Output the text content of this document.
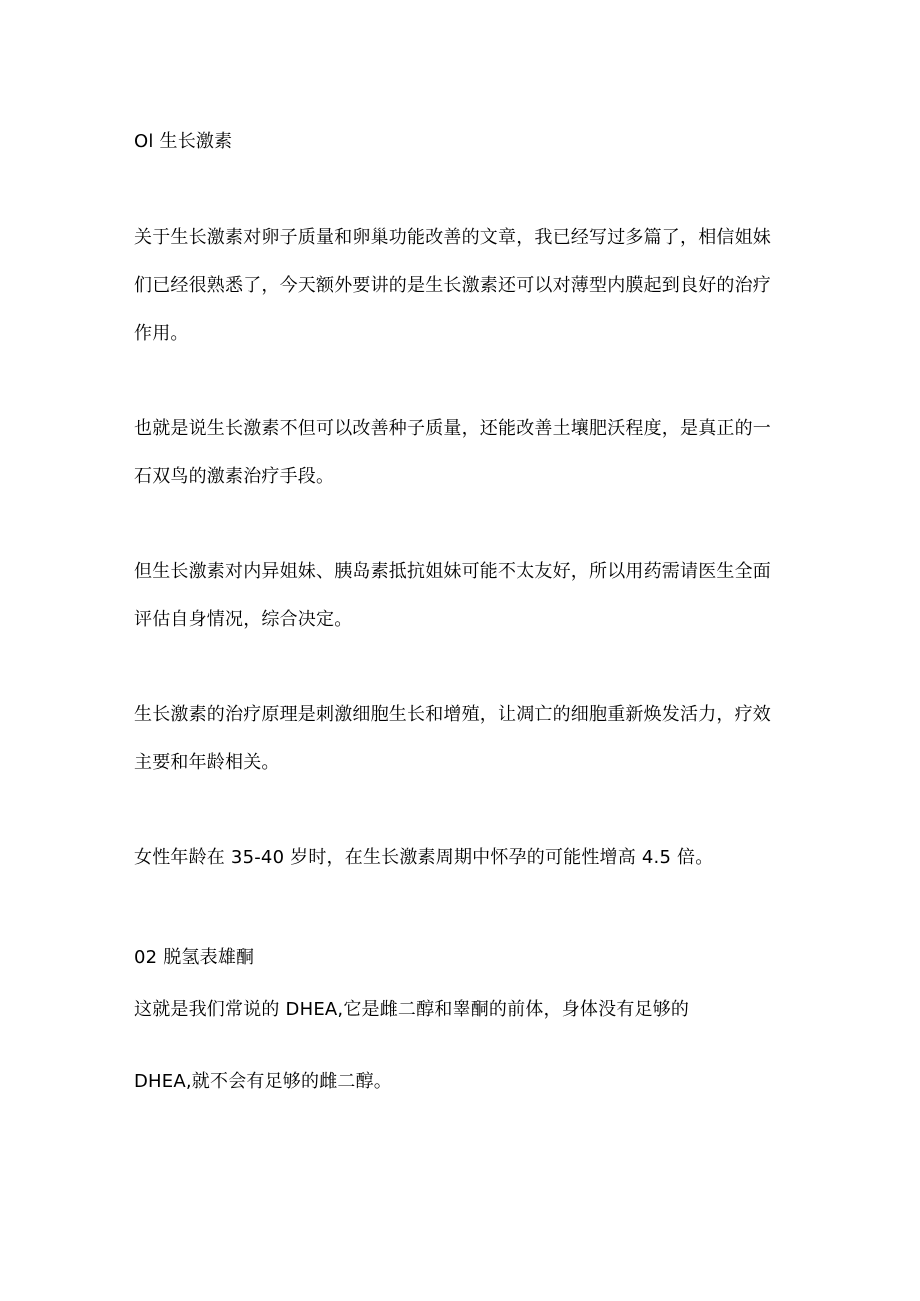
Ol 生长激素
关于生长激素对卵子质量和卵巢功能改善的文章，我已经写过多篇了，相信姐妹
们已经很熟悉了，今天额外要讲的是生长激素还可以对薄型内膜起到良好的治疗
作用。
也就是说生长激素不但可以改善种子质量，还能改善土壤肥沃程度，是真正的一
石双鸟的激素治疗手段。
但生长激素对内异姐妹、胰岛素抵抗姐妹可能不太友好，所以用药需请医生全面
评估自身情况，综合决定。
生长激素的治疗原理是刺激细胞生长和增殖，让凋亡的细胞重新焕发活力，疗效
主要和年龄相关。
女性年龄在 35-40 岁时，在生长激素周期中怀孕的可能性增高 4.5 倍。
02 脱氢表雄酮
这就是我们常说的 DHEA,它是雌二醇和睾酮的前体，身体没有足够的
DHEA,就不会有足够的雌二醇。
